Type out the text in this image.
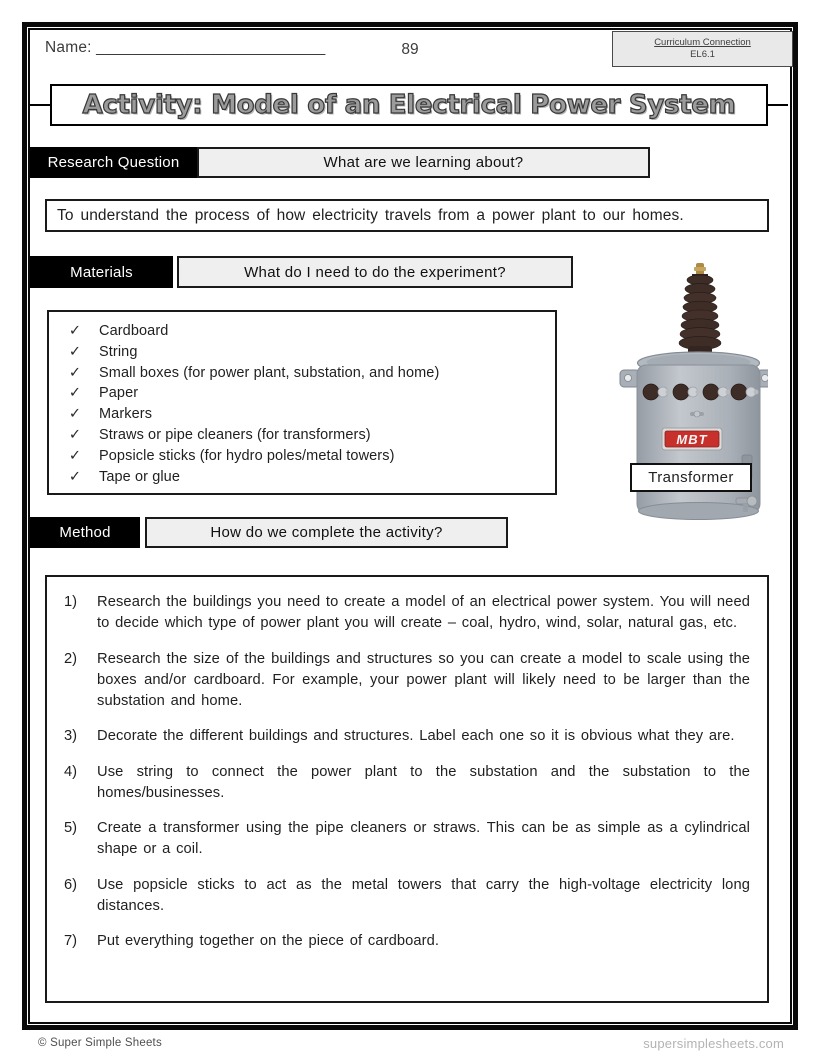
Name: __________________________	89	Curriculum Connection
EL6.1
Activity: Model of an Electrical Power System
Research Question	What are we learning about?
To understand the process of how electricity travels from a power plant to our homes.
Materials	What do I need to do the experiment?
✓	Cardboard
✓	String
✓	Small boxes (for power plant, substation, and home)
✓	Paper
✓	Markers
✓	Straws or pipe cleaners (for transformers)
✓	Popsicle sticks (for hydro poles/metal towers)
✓	Tape or glue
MBT
Transformer
Method	How do we complete the activity?
1)	Research the buildings you need to create a model of an electrical power system. You will need to decide which type of power plant you will create – coal, hydro, wind, solar, natural gas, etc.
2)	Research the size of the buildings and structures so you can create a model to scale using the boxes and/or cardboard. For example, your power plant will likely need to be larger than the substation and home.
3)	Decorate the different buildings and structures. Label each one so it is obvious what they are.
4)	Use string to connect the power plant to the substation and the substation to the homes/businesses.
5)	Create a transformer using the pipe cleaners or straws. This can be as simple as a cylindrical shape or a coil.
6)	Use popsicle sticks to act as the metal towers that carry the high-voltage electricity long distances.
7)	Put everything together on the piece of cardboard.
© Super Simple Sheets	supersimplesheets.com
